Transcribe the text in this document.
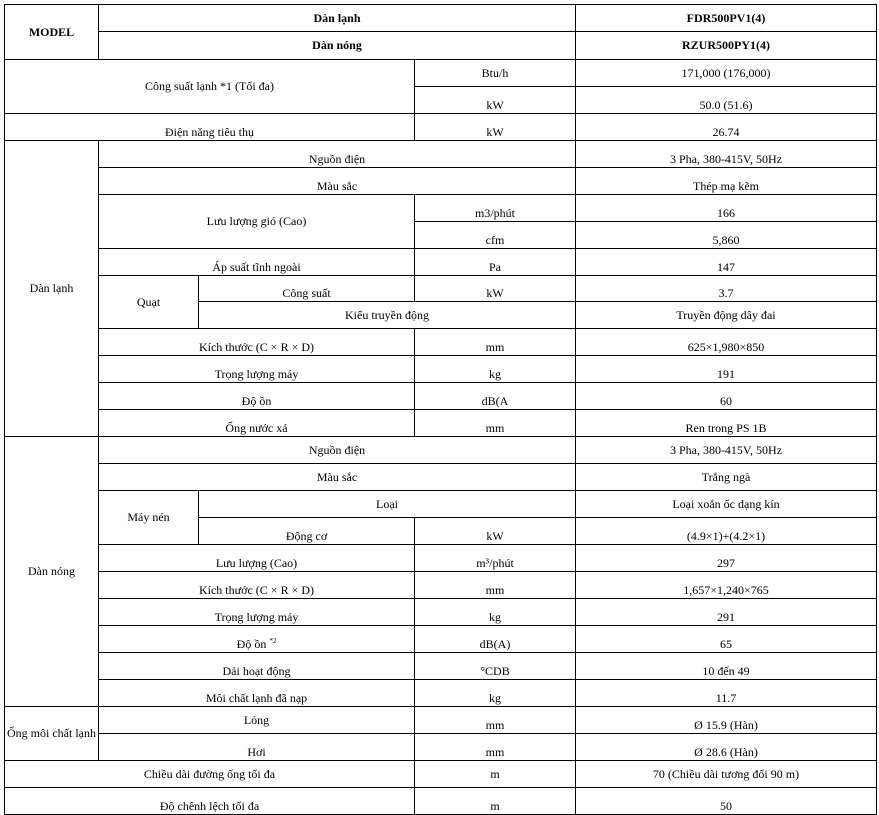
MODEL	Dàn lạnh			FDR500PV1(4)
	Dàn nóng			RZUR500PY1(4)
Công suất lạnh *1 (Tối đa)			Btu/h	171,000 (176,000)
			kW	50.0 (51.6)
Điện năng tiêu thụ			kW	26.74
Dàn lạnh	Nguồn điện			3 Pha, 380-415V, 50Hz
	Màu sắc			Thép mạ kẽm
	Lưu lượng gió (Cao)		m3/phút	166
			cfm	5,860
	Áp suất tĩnh ngoài		Pa	147
	Quạt	Công suất	kW	3.7
		Kiểu truyền động		Truyền động dây đai
	Kích thước (C × R × D)		mm	625×1,980×850
	Trọng lượng máy		kg	191
	Độ ồn		dB(A	60
	Ống nước xả		mm	Ren trong PS 1B
Dàn nóng	Nguồn điện			3 Pha, 380-415V, 50Hz
	Màu sắc			Trắng ngà
	Máy nén	Loại		Loại xoắn ốc dạng kín
		Động cơ	kW	(4.9×1)+(4.2×1)
	Lưu lượng (Cao)		m³/phút	297
	Kích thước (C × R × D)		mm	1,657×1,240×765
	Trọng lượng máy		kg	291
	Độ ồn $^{*2}$		dB(A)	65
	Dải hoạt động		°CDB	10 đến 49
	Môi chất lạnh đã nạp		kg	11.7
Ống môi chất lạnh	Lỏng		mm	Ø 15.9 (Hàn)
	Hơi		mm	Ø 28.6 (Hàn)
Chiều dài đường ống tối đa			m	70 (Chiều dài tương đối 90 m)
Độ chênh lệch tối đa			m	50
